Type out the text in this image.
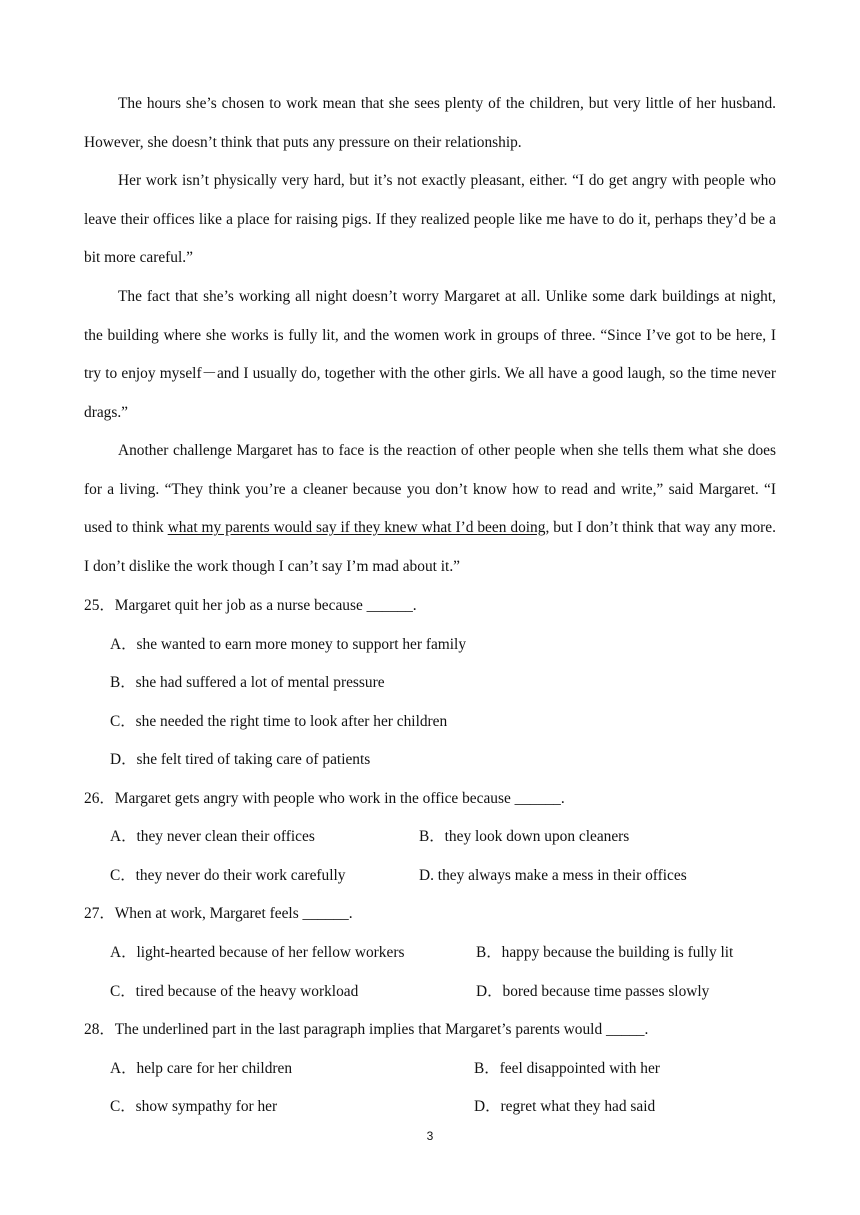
The hours she’s chosen to work mean that she sees plenty of the children, but very little of her husband. However, she doesn’t think that puts any pressure on their relationship.

Her work isn’t physically very hard, but it’s not exactly pleasant, either. “I do get angry with people who leave their offices like a place for raising pigs. If they realized people like me have to do it, perhaps they’d be a bit more careful.”

The fact that she’s working all night doesn’t worry Margaret at all. Unlike some dark buildings at night, the building where she works is fully lit, and the women work in groups of three. “Since I’ve got to be here, I try to enjoy myself－and I usually do, together with the other girls. We all have a good laugh, so the time never drags.”

Another challenge Margaret has to face is the reaction of other people when she tells them what she does for a living. “They think you’re a cleaner because you don’t know how to read and write,” said Margaret. “I used to think what my parents would say if they knew what I’d been doing, but I don’t think that way any more. I don’t dislike the work though I can’t say I’m mad about it.”

25．Margaret quit her job as a nurse because ______.
A．she wanted to earn more money to support her family
B．she had suffered a lot of mental pressure
C．she needed the right time to look after her children
D．she felt tired of taking care of patients
26．Margaret gets angry with people who work in the office because ______.
A．they never clean their offices	B．they look down upon cleaners
C．they never do their work carefully	D. they always make a mess in their offices
27．When at work, Margaret feels ______.
A．light-hearted because of her fellow workers	B．happy because the building is fully lit
C．tired because of the heavy workload	D．bored because time passes slowly
28．The underlined part in the last paragraph implies that Margaret’s parents would _____.
A．help care for her children	B．feel disappointed with her
C．show sympathy for her	D．regret what they had said
3
